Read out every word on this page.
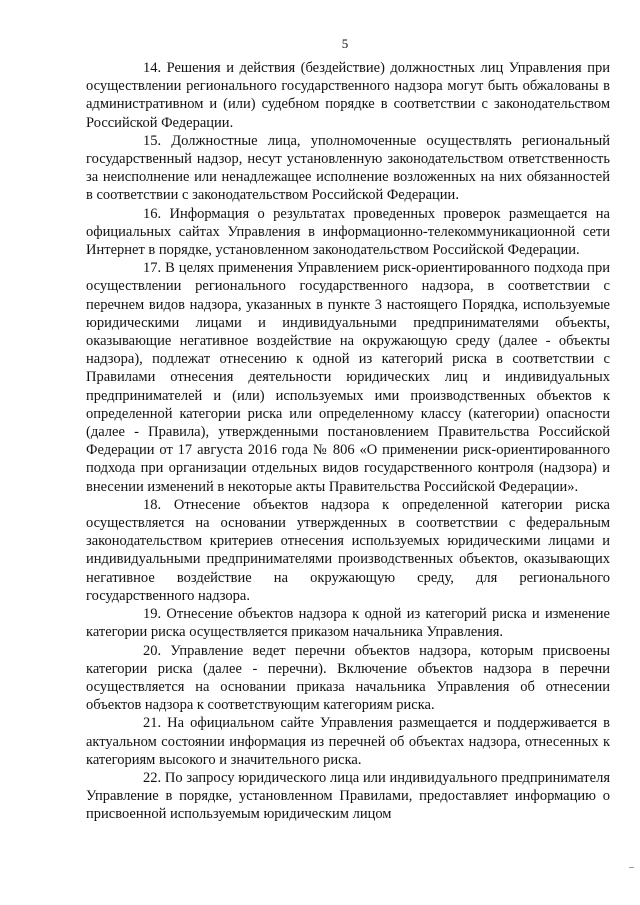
5

14. Решения и действия (бездействие) должностных лиц Управления при осуществлении регионального государственного надзора могут быть обжалованы в административном и (или) судебном порядке в соответствии с законодательством Российской Федерации.

15. Должностные лица, уполномоченные осуществлять региональный государственный надзор, несут установленную законодательством ответственность за неисполнение или ненадлежащее исполнение возложенных на них обязанностей в соответствии с законодательством Российской Федерации.

16. Информация о результатах проведенных проверок размещается на официальных сайтах Управления в информационно-телекоммуникационной сети Интернет в порядке, установленном законодательством Российской Федерации.

17. В целях применения Управлением риск-ориентированного подхода при осуществлении регионального государственного надзора, в соответствии с перечнем видов надзора, указанных в пункте 3 настоящего Порядка, используемые юридическими лицами и индивидуальными предпринимателями объекты, оказывающие негативное воздействие на окружающую среду (далее - объекты надзора), подлежат отнесению к одной из категорий риска в соответствии с Правилами отнесения деятельности юридических лиц и индивидуальных предпринимателей и (или) используемых ими производственных объектов к определенной категории риска или определенному классу (категории) опасности (далее - Правила), утвержденными постановлением Правительства Российской Федерации от 17 августа 2016 года № 806 «О применении риск-ориентированного подхода при организации отдельных видов государственного контроля (надзора) и внесении изменений в некоторые акты Правительства Российской Федерации».

18. Отнесение объектов надзора к определенной категории риска осуществляется на основании утвержденных в соответствии с федеральным законодательством критериев отнесения используемых юридическими лицами и индивидуальными предпринимателями производственных объектов, оказывающих негативное воздействие на окружающую среду, для регионального государственного надзора.

19. Отнесение объектов надзора к одной из категорий риска и изменение категории риска осуществляется приказом начальника Управления.

20. Управление ведет перечни объектов надзора, которым присвоены категории риска (далее - перечни). Включение объектов надзора в перечни осуществляется на основании приказа начальника Управления об отнесении объектов надзора к соответствующим категориям риска.

21. На официальном сайте Управления размещается и поддерживается в актуальном состоянии информация из перечней об объектах надзора, отнесенных к категориям высокого и значительного риска.

22. По запросу юридического лица или индивидуального предпринимателя Управление в порядке, установленном Правилами, предоставляет информацию о присвоенной используемым юридическим лицом
